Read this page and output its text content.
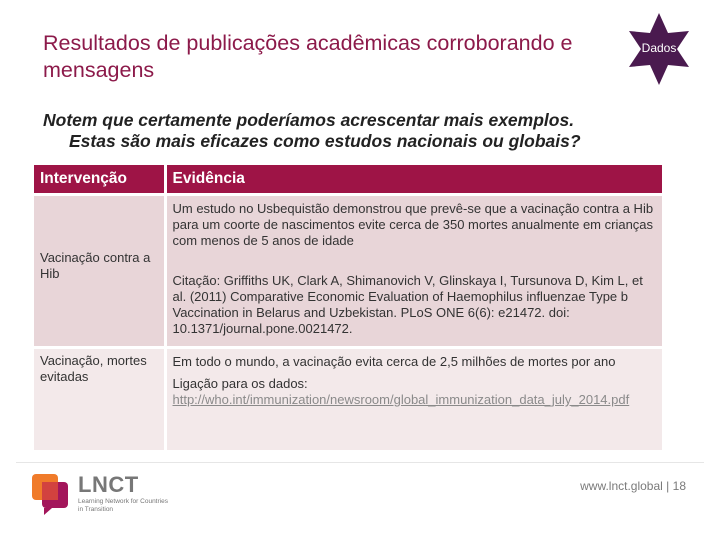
Resultados de publicações acadêmicas corroborando e mensagens
Dados
Notem que certamente poderíamos acrescentar mais exemplos.
Estas são mais eficazes como estudos nacionais ou globais?
Intervenção	Evidência

Vacinação contra a Hib	Um estudo no Usbequistão demonstrou que prevê-se que a vacinação contra a Hib para um coorte de nascimentos evite cerca de 350 mortes anualmente em crianças com menos de 5 anos de idade
Citação: Griffiths UK, Clark A, Shimanovich V, Glinskaya I, Tursunova D, Kim L, et al. (2011) Comparative Economic Evaluation of Haemophilus influenzae Type b Vaccination in Belarus and Uzbekistan. PLoS ONE 6(6): e21472. doi: 10.1371/journal.pone.0021472.

Vacinação, mortes evitadas	Em todo o mundo, a vacinação evita cerca de 2,5 milhões de mortes por ano
Ligação para os dados:
http://who.int/immunization/newsroom/global_immunization_data_july_2014.pdf
LNCT
Learning Network for Countries in Transition
www.lnct.global | 18
